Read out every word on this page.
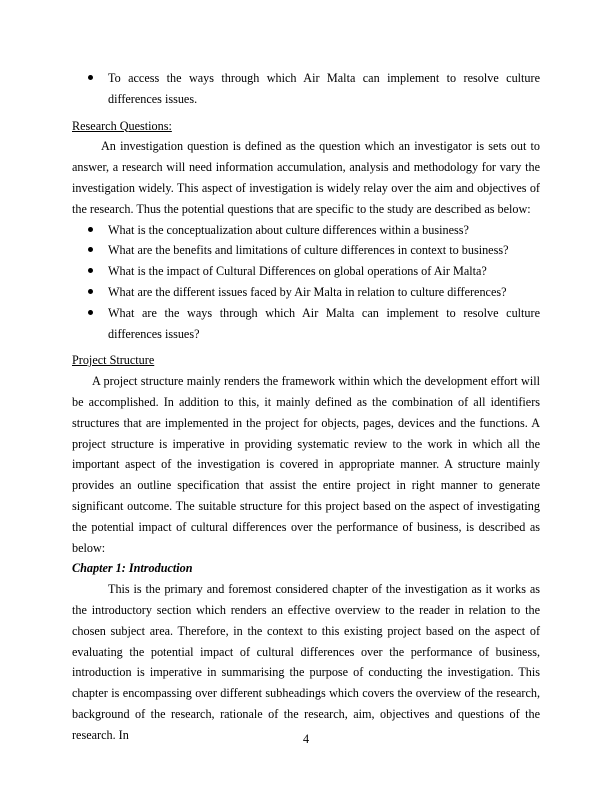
To access the ways through which Air Malta can implement to resolve culture differences issues.
Research Questions:

An investigation question is defined as the question which an investigator is sets out to answer, a research will need information accumulation, analysis and methodology for vary the investigation widely. This aspect of investigation is widely relay over the aim and objectives of the research. Thus the potential questions that are specific to the study are described as below:

What is the conceptualization about culture differences within a business?
What are the benefits and limitations of culture differences in context to business?
What is the impact of Cultural Differences on global operations of Air Malta?
What are the different issues faced by Air Malta in relation to culture differences?
What are the ways through which Air Malta can implement to resolve culture differences issues?
Project Structure

A project structure mainly renders the framework within which the development effort will be accomplished. In addition to this, it mainly defined as the combination of all identifiers structures that are implemented in the project for objects, pages, devices and the functions. A project structure is imperative in providing systematic review to the work in which all the important aspect of the investigation is covered in appropriate manner. A structure mainly provides an outline specification that assist the entire project in right manner to generate significant outcome. The suitable structure for this project based on the aspect of investigating the potential impact of cultural differences over the performance of business, is described as below:

Chapter 1: Introduction

This is the primary and foremost considered chapter of the investigation as it works as the introductory section which renders an effective overview to the reader in relation to the chosen subject area. Therefore, in the context to this existing project based on the aspect of evaluating the potential impact of cultural differences over the performance of business, introduction is imperative in summarising the purpose of conducting the investigation. This chapter is encompassing over different subheadings which covers the overview of the research, background of the research, rationale of the research, aim, objectives and questions of the research. In	4
